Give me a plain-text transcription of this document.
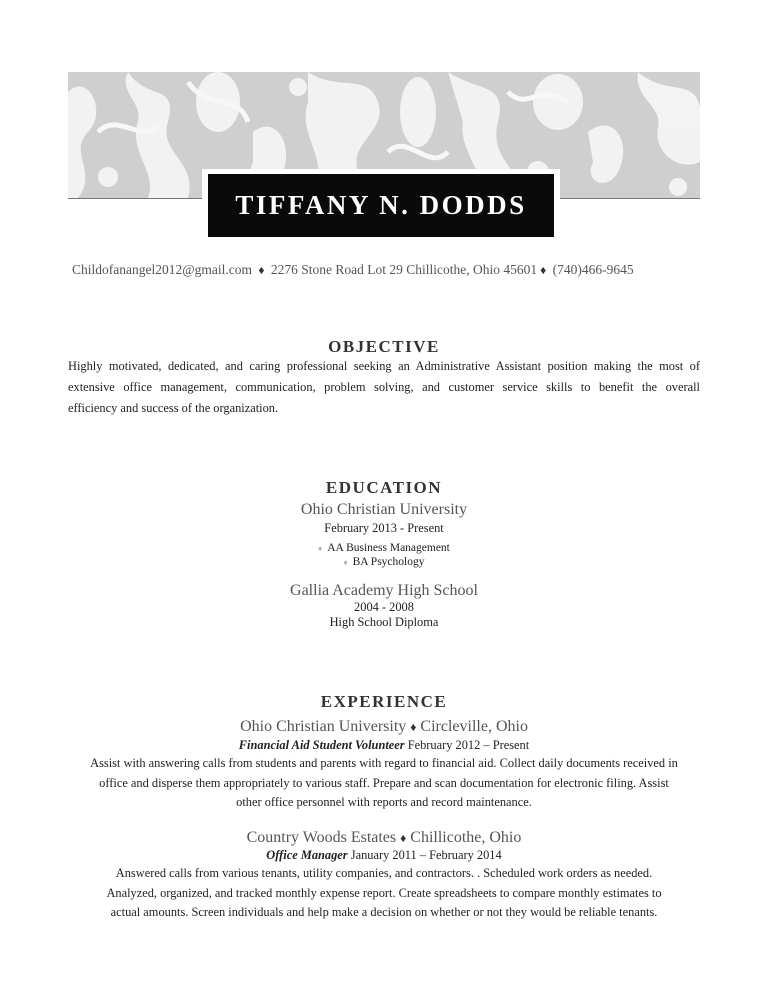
TIFFANY N. DODDS
Childofanangel2012@gmail.com ♦ 2276 Stone Road Lot 29 Chillicothe, Ohio 45601 ♦ (740)466-9645
OBJECTIVE
Highly motivated, dedicated, and caring professional seeking an Administrative Assistant position making the most of
extensive office management, communication, problem solving, and customer service skills to benefit the overall
efficiency and success of the organization.
EDUCATION
Ohio Christian University
February 2013 - Present
♦ AA Business Management
♦ BA Psychology
Gallia Academy High School
2004 - 2008
High School Diploma
EXPERIENCE
Ohio Christian University ♦ Circleville, Ohio
Financial Aid Student Volunteer February 2012 – Present
Assist with answering calls from students and parents with regard to financial aid. Collect daily documents received in
office and disperse them appropriately to various staff. Prepare and scan documentation for electronic filing. Assist
other office personnel with reports and record maintenance.
Country Woods Estates ♦ Chillicothe, Ohio
Office Manager January 2011 – February 2014
Answered calls from various tenants, utility companies, and contractors. . Scheduled work orders as needed.
Analyzed, organized, and tracked monthly expense report. Create spreadsheets to compare monthly estimates to
actual amounts. Screen individuals and help make a decision on whether or not they would be reliable tenants.
